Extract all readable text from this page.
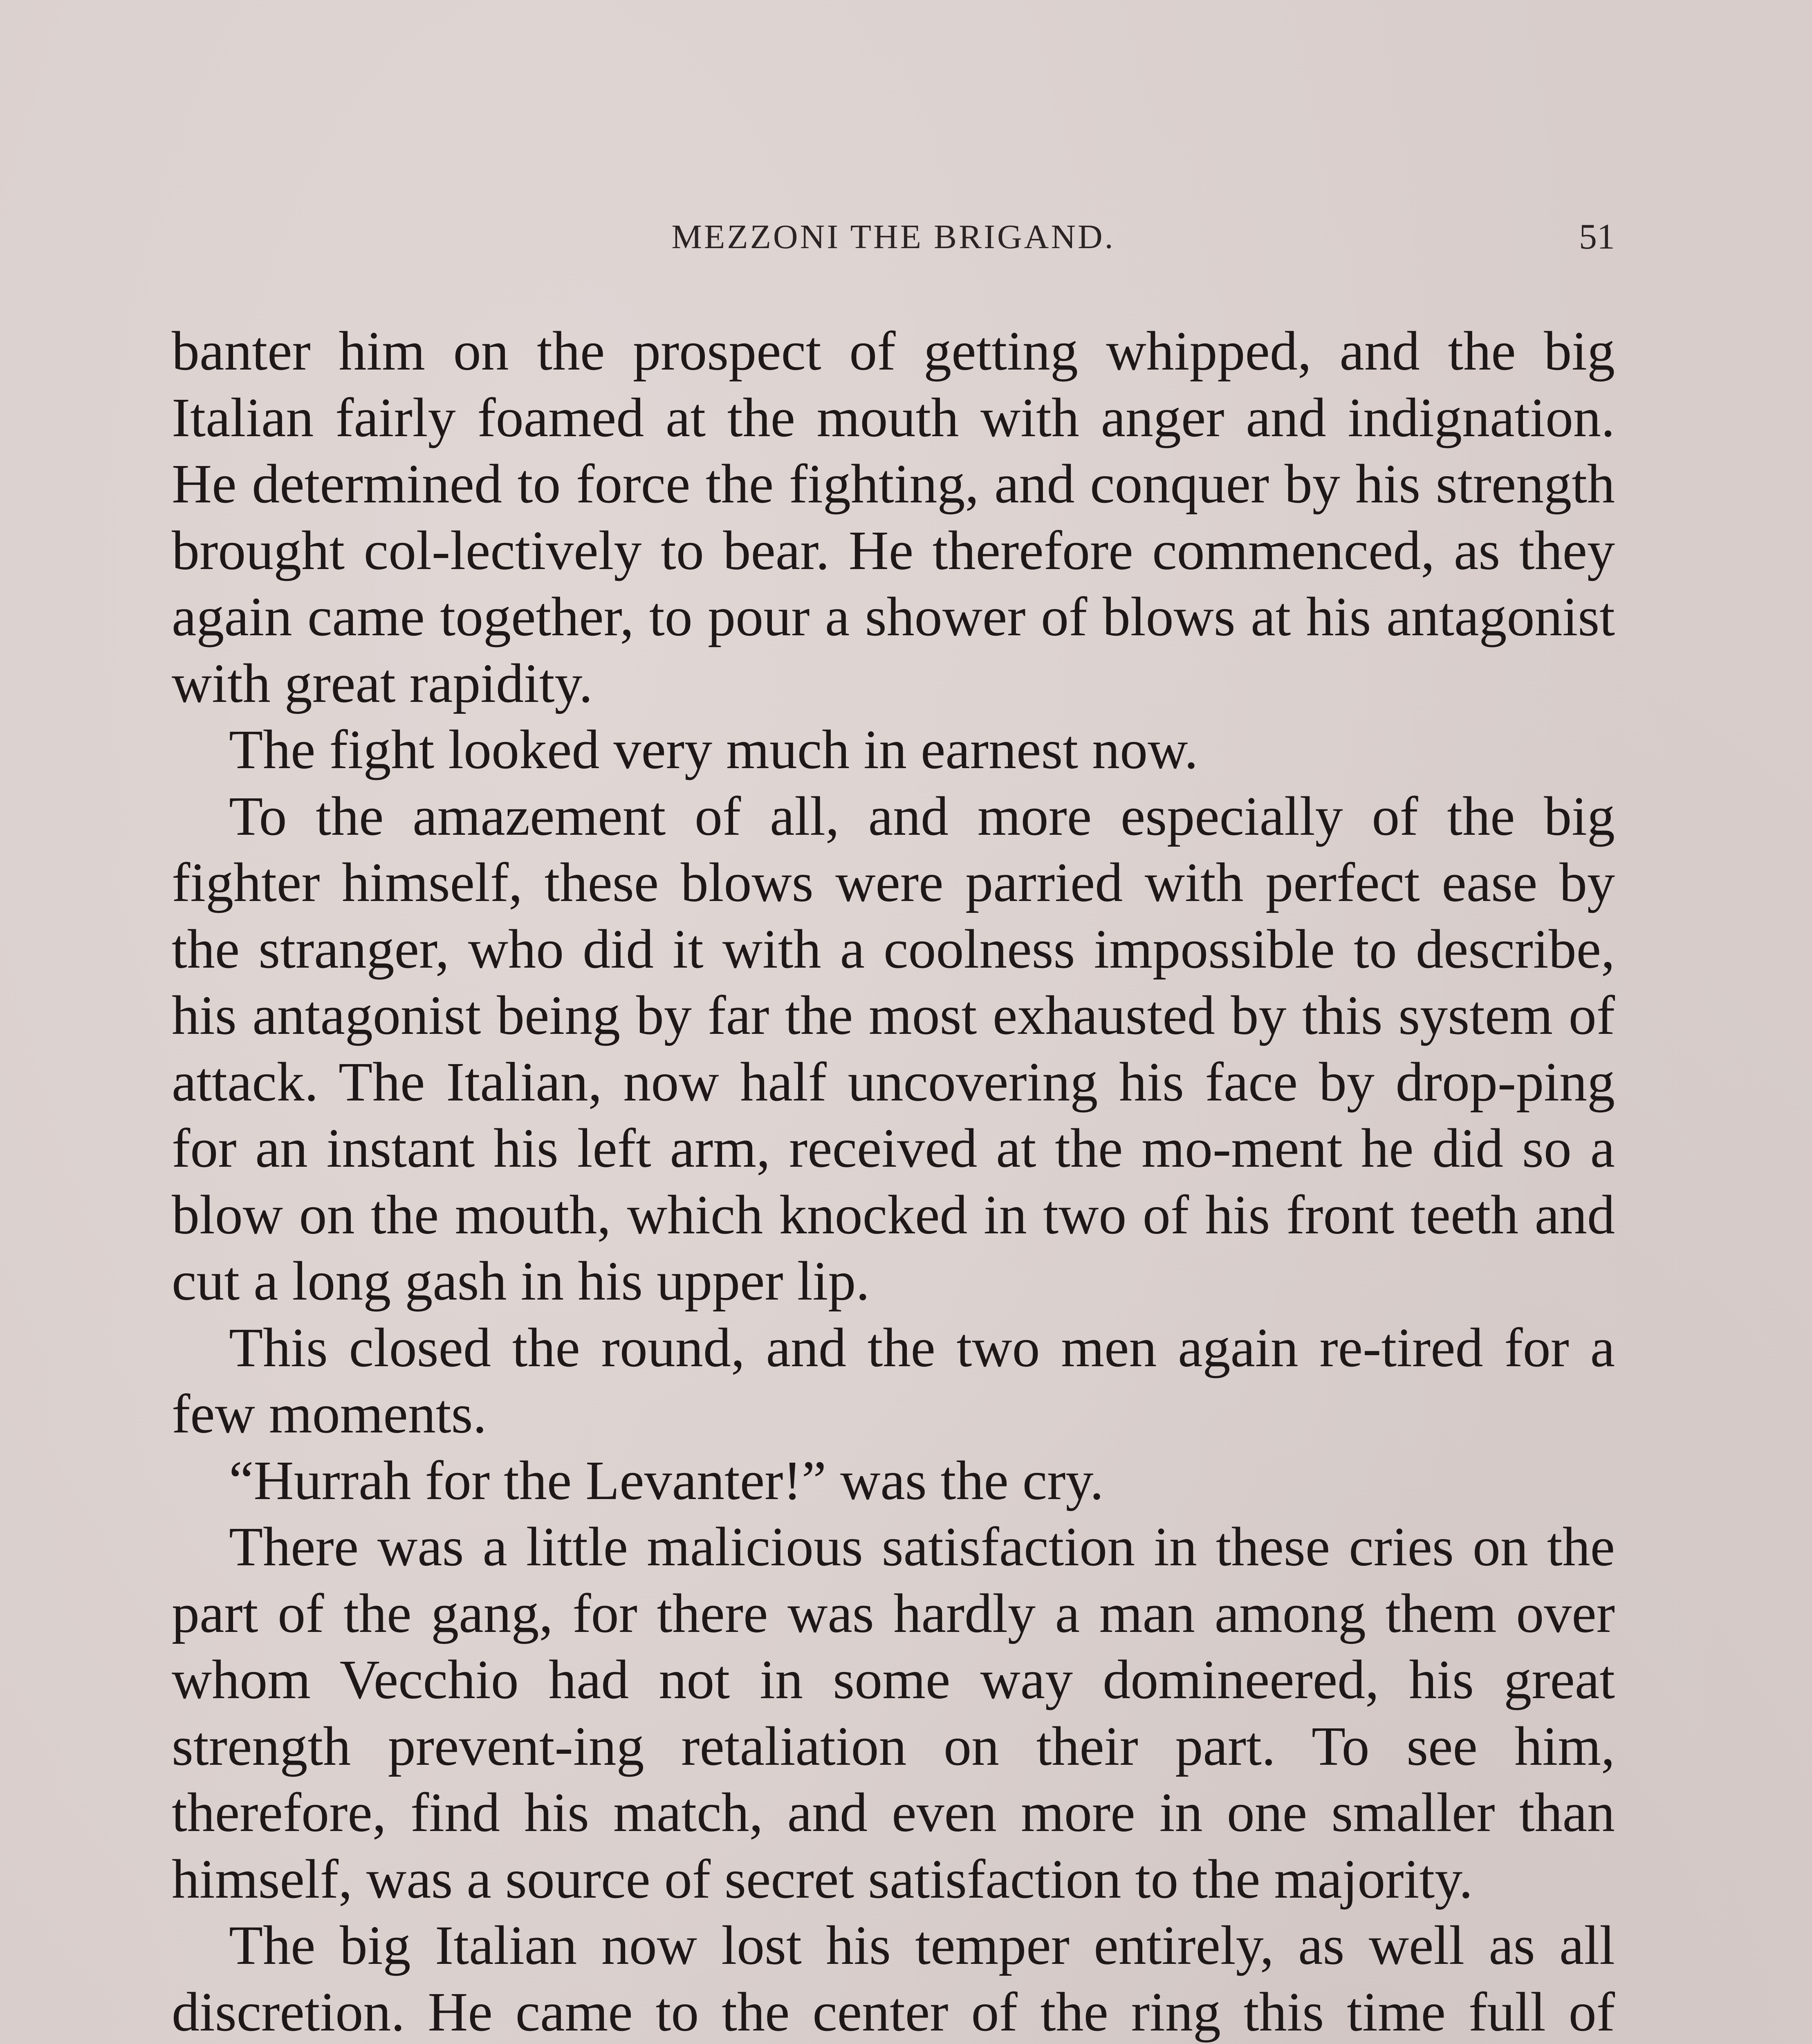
MEZZONI THE BRIGAND.	51

banter him on the prospect of getting whipped, and the big Italian fairly foamed at the mouth with anger and indignation. He determined to force the fighting, and conquer by his strength brought col-lectively to bear. He therefore commenced, as they again came together, to pour a shower of blows at his antagonist with great rapidity.

The fight looked very much in earnest now.

To the amazement of all, and more especially of the big fighter himself, these blows were parried with perfect ease by the stranger, who did it with a coolness impossible to describe, his antagonist being by far the most exhausted by this system of attack. The Italian, now half uncovering his face by drop-ping for an instant his left arm, received at the mo-ment he did so a blow on the mouth, which knocked in two of his front teeth and cut a long gash in his upper lip.

This closed the round, and the two men again re-tired for a few moments.

“Hurrah for the Levanter!” was the cry.

There was a little malicious satisfaction in these cries on the part of the gang, for there was hardly a man among them over whom Vecchio had not in some way domineered, his great strength prevent-ing retaliation on their part. To see him, therefore, find his match, and even more in one smaller than himself, was a source of secret satisfaction to the majority.

The big Italian now lost his temper entirely, as well as all discretion. He came to the center of the ring this time full of
